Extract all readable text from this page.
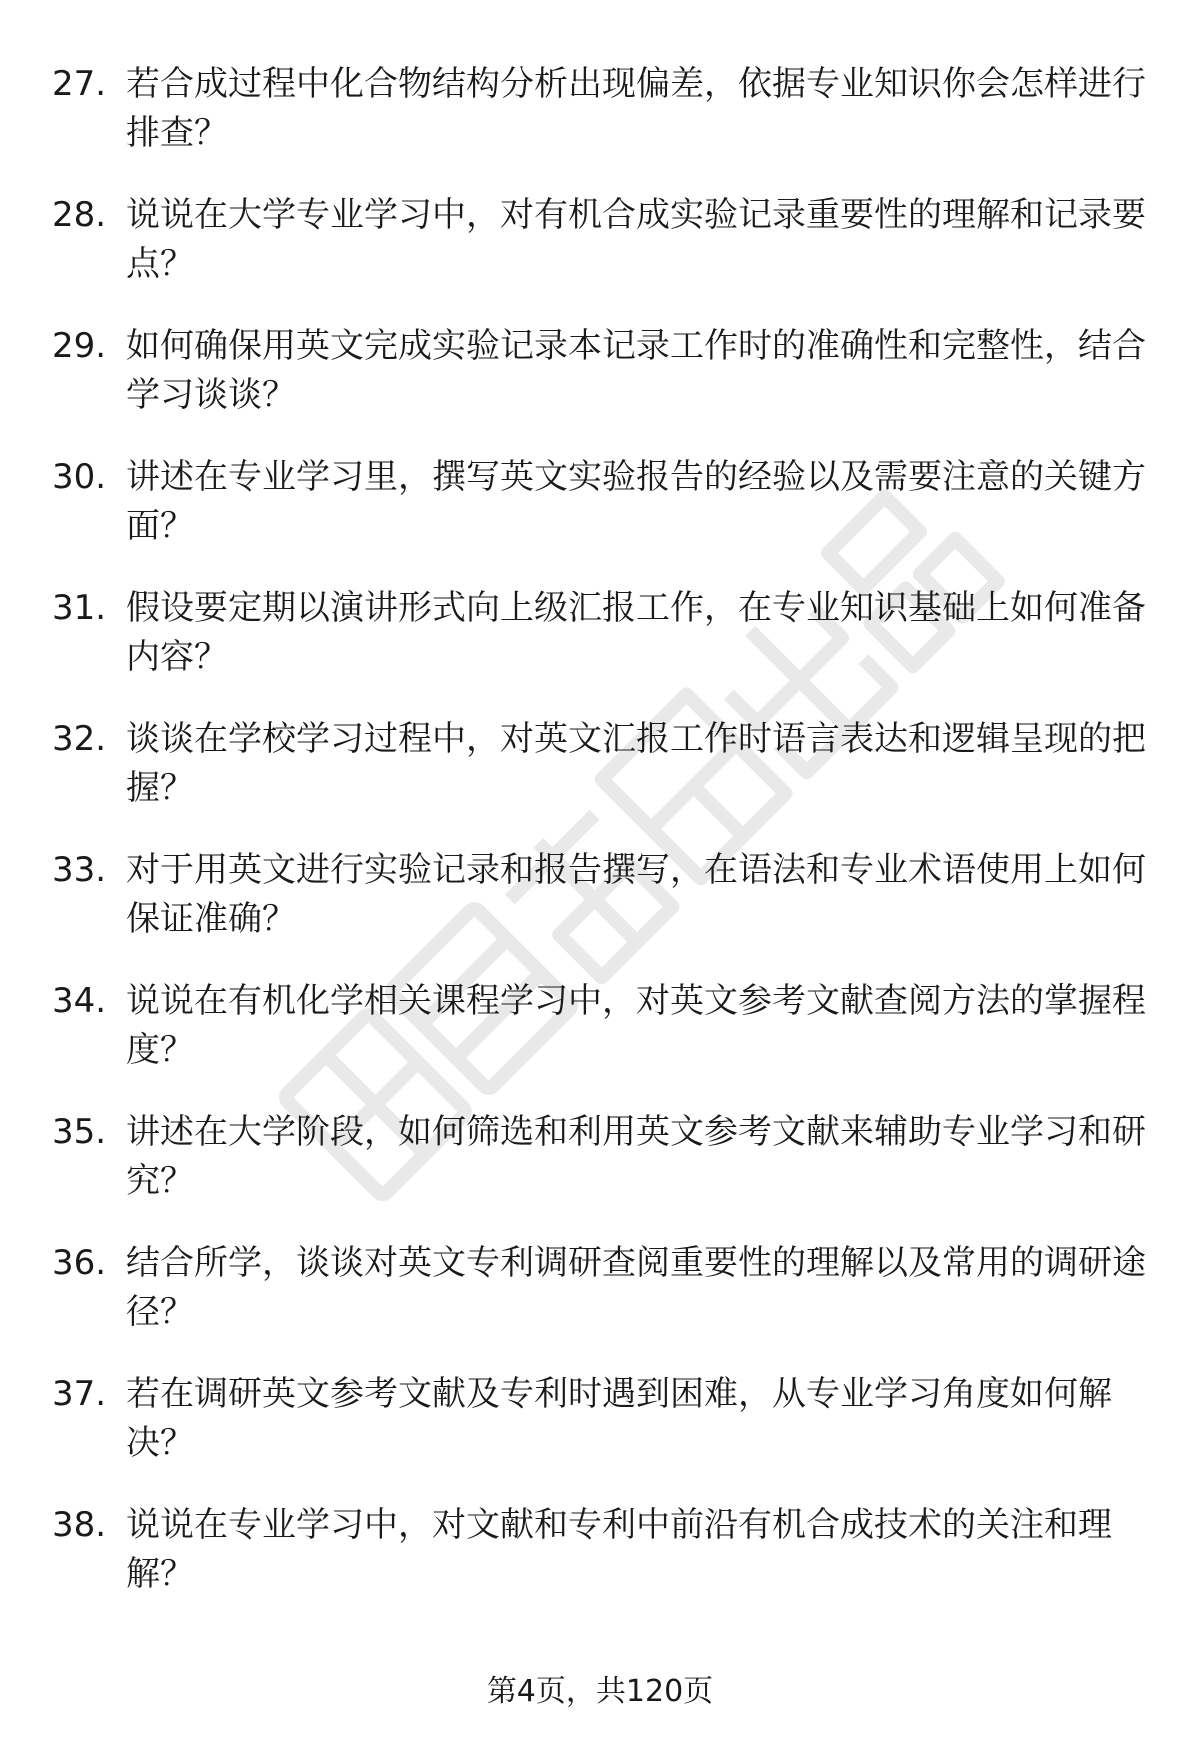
27. 若合成过程中化合物结构分析出现偏差，依据专业知识你会怎样进行排查？
28. 说说在大学专业学习中，对有机合成实验记录重要性的理解和记录要点？
29. 如何确保用英文完成实验记录本记录工作时的准确性和完整性，结合学习谈谈？
30. 讲述在专业学习里，撰写英文实验报告的经验以及需要注意的关键方面？
31. 假设要定期以演讲形式向上级汇报工作，在专业知识基础上如何准备内容？
32. 谈谈在学校学习过程中，对英文汇报工作时语言表达和逻辑呈现的把握？
33. 对于用英文进行实验记录和报告撰写，在语法和专业术语使用上如何保证准确？
34. 说说在有机化学相关课程学习中，对英文参考文献查阅方法的掌握程度？
35. 讲述在大学阶段，如何筛选和利用英文参考文献来辅助专业学习和研究？
36. 结合所学，谈谈对英文专利调研查阅重要性的理解以及常用的调研途径？
37. 若在调研英文参考文献及专利时遇到困难，从专业学习角度如何解决？
38. 说说在专业学习中，对文献和专利中前沿有机合成技术的关注和理解？
第4页，共120页
